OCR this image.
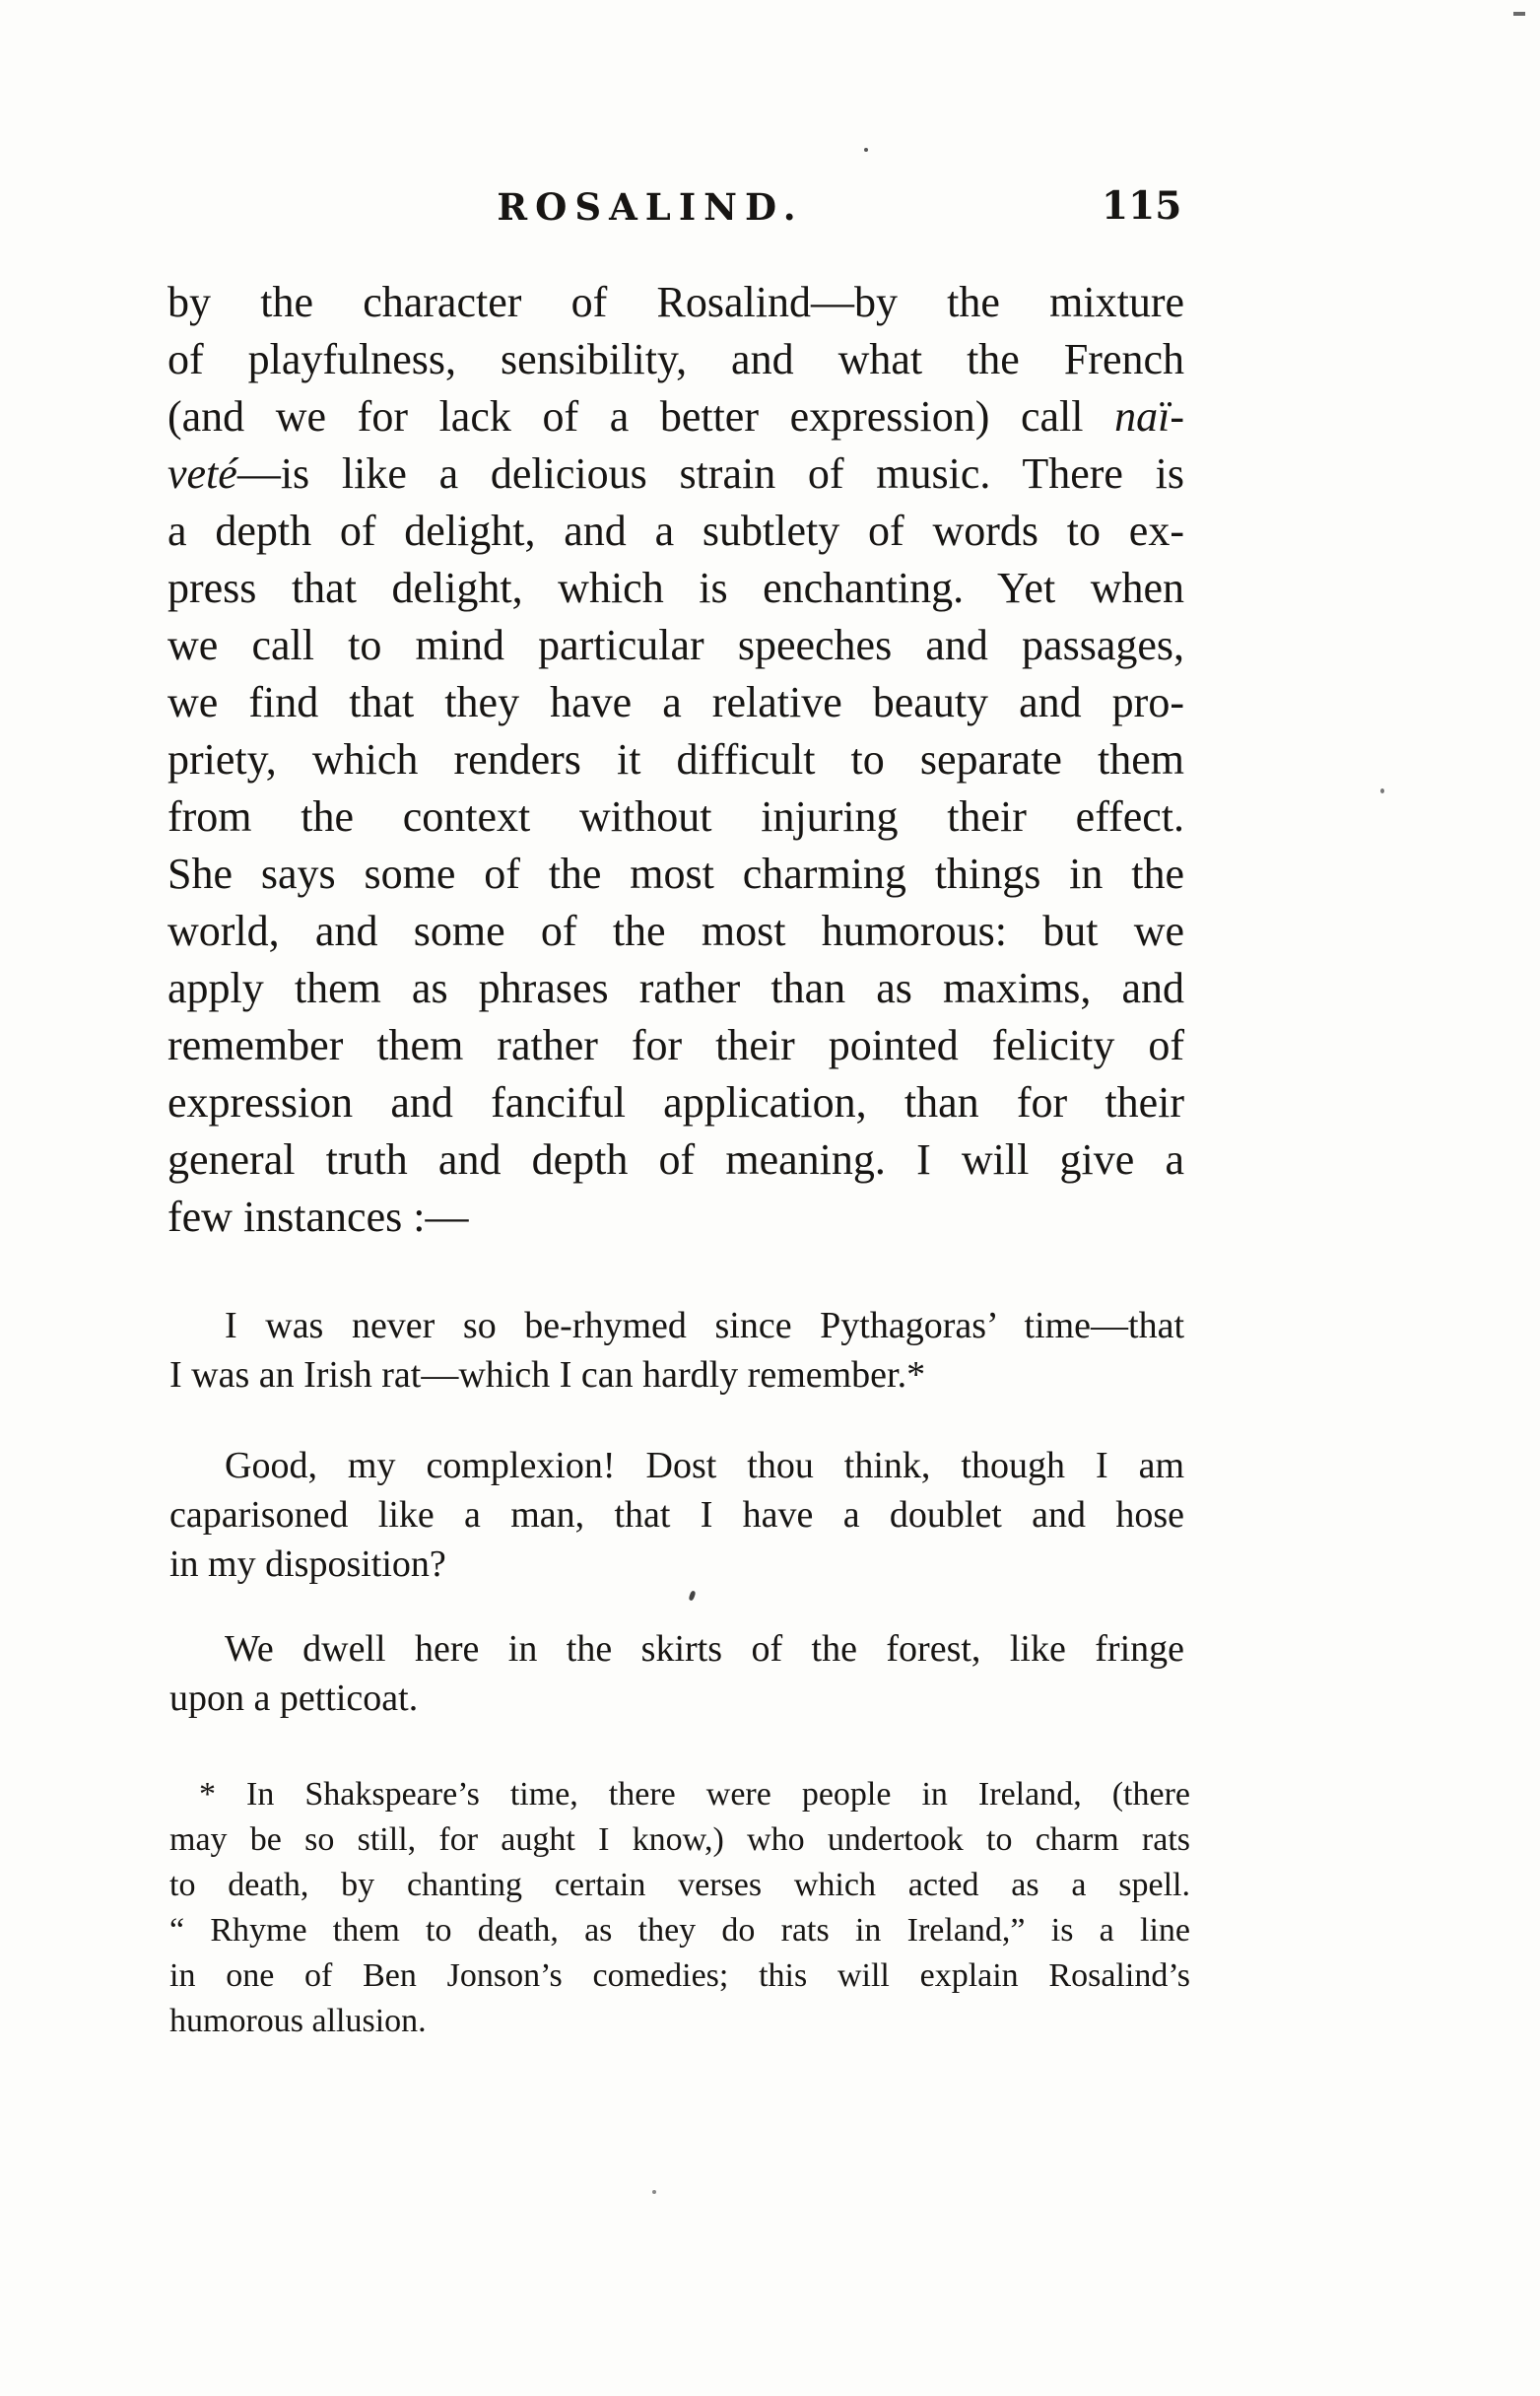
ROSALIND.	115
by the character of Rosalind—by the mixture
of playfulness, sensibility, and what the French
(and we for lack of a better expression) call naï-
veté—is like a delicious strain of music. There is
a depth of delight, and a subtlety of words to ex-
press that delight, which is enchanting. Yet when
we call to mind particular speeches and passages,
we find that they have a relative beauty and pro-
priety, which renders it difficult to separate them
from the context without injuring their effect.
She says some of the most charming things in the
world, and some of the most humorous: but we
apply them as phrases rather than as maxims, and
remember them rather for their pointed felicity of
expression and fanciful application, than for their
general truth and depth of meaning. I will give a
few instances :—
I was never so be-rhymed since Pythagoras’ time—that
I was an Irish rat—which I can hardly remember.*
Good, my complexion! Dost thou think, though I am
caparisoned like a man, that I have a doublet and hose
in my disposition?
We dwell here in the skirts of the forest, like fringe
upon a petticoat.
* In Shakspeare’s time, there were people in Ireland, (there
may be so still, for aught I know,) who undertook to charm rats
to death, by chanting certain verses which acted as a spell.
“ Rhyme them to death, as they do rats in Ireland,” is a line
in one of Ben Jonson’s comedies; this will explain Rosalind’s
humorous allusion.
